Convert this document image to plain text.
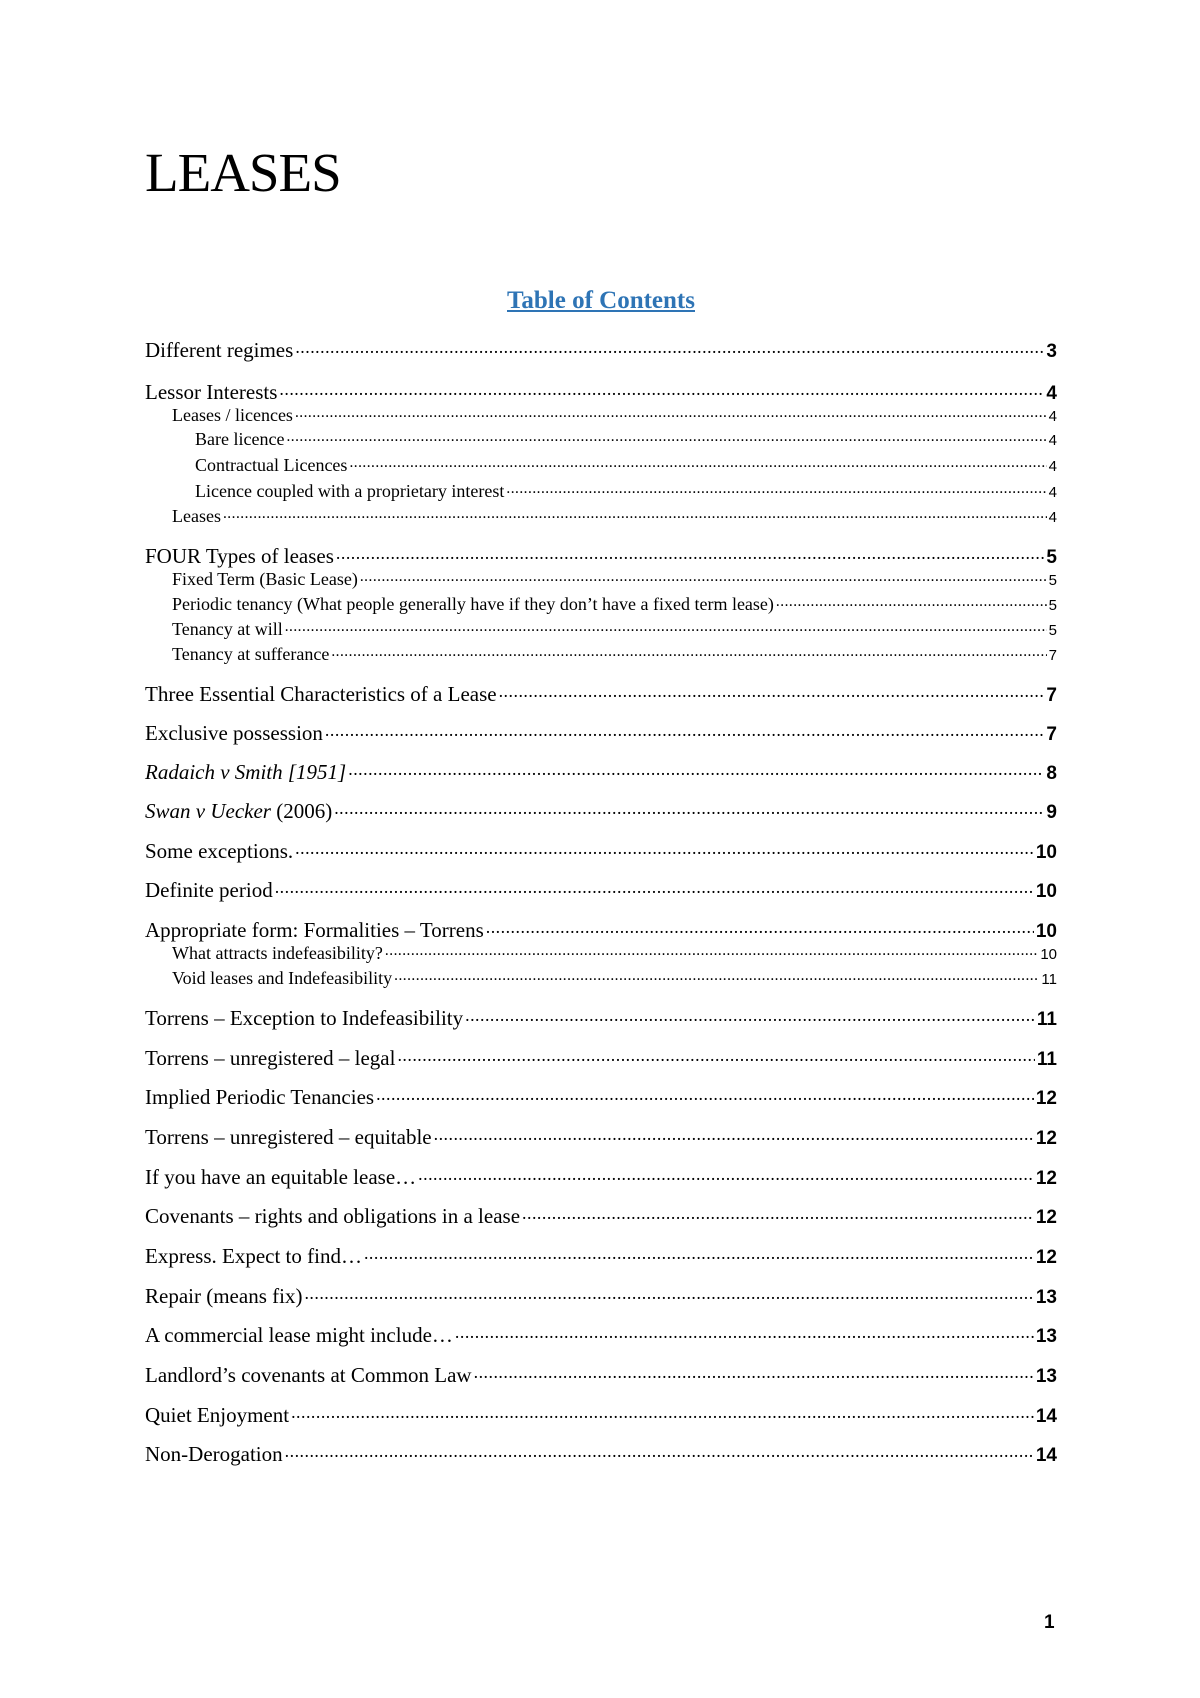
LEASES
Table of Contents
Different regimes .....	3
Lessor Interests .....	4
Leases / licences .....	4
Bare licence .....	4
Contractual Licences .....	4
Licence coupled with a proprietary interest .....	4
Leases .....	4
FOUR Types of leases .....	5
Fixed Term (Basic Lease) .....	5
Periodic tenancy (What people generally have if they don’t have a fixed term lease) .....	5
Tenancy at will .....	5
Tenancy at sufferance .....	7
Three Essential Characteristics of a Lease .....	7
Exclusive possession .....	7
Radaich v Smith [1951] .....	8
Swan v Uecker (2006) .....	9
Some exceptions. .....	10
Definite period .....	10
Appropriate form: Formalities – Torrens .....	10
What attracts indefeasibility? .....	10
Void leases and Indefeasibility .....	11
Torrens – Exception to Indefeasibility .....	11
Torrens – unregistered – legal .....	11
Implied Periodic Tenancies .....	12
Torrens – unregistered – equitable .....	12
If you have an equitable lease… .....	12
Covenants – rights and obligations in a lease .....	12
Express. Expect to find… .....	12
Repair (means fix) .....	13
A commercial lease might include… .....	13
Landlord’s covenants at Common Law .....	13
Quiet Enjoyment .....	14
Non-Derogation .....	14
1
